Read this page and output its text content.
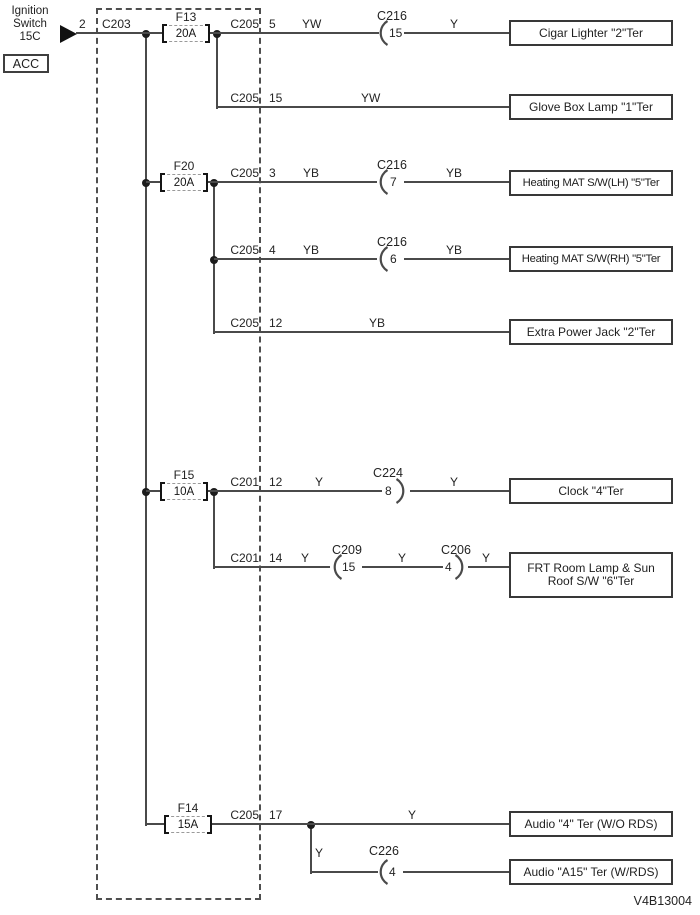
Ignition
Switch
15C
ACC
2 C203	F13
20A
C205 5 YW
C216
15
Y
Cigar Lighter "2"Ter
C205 15	YW
Glove Box Lamp "1"Ter
F20
20A
C205 3 YB
C216
7
YB
Heating MAT S/W(LH) "5"Ter
C205 4 YB
C216
6
YB
Heating MAT S/W(RH) "5"Ter
C205 12	YB
Extra Power Jack "2"Ter
F15
10A
C201 12	Y
C224
8
Y
Clock "4"Ter
C201 14 Y
C209
15
Y
C206
4
Y
FRT Room Lamp & Sun
Roof S/W "6"Ter
F14
15A
C205 17	Y
Audio "4" Ter (W/O RDS)
Y	C226
4	Audio "A15" Ter (W/RDS)
V4B13004
